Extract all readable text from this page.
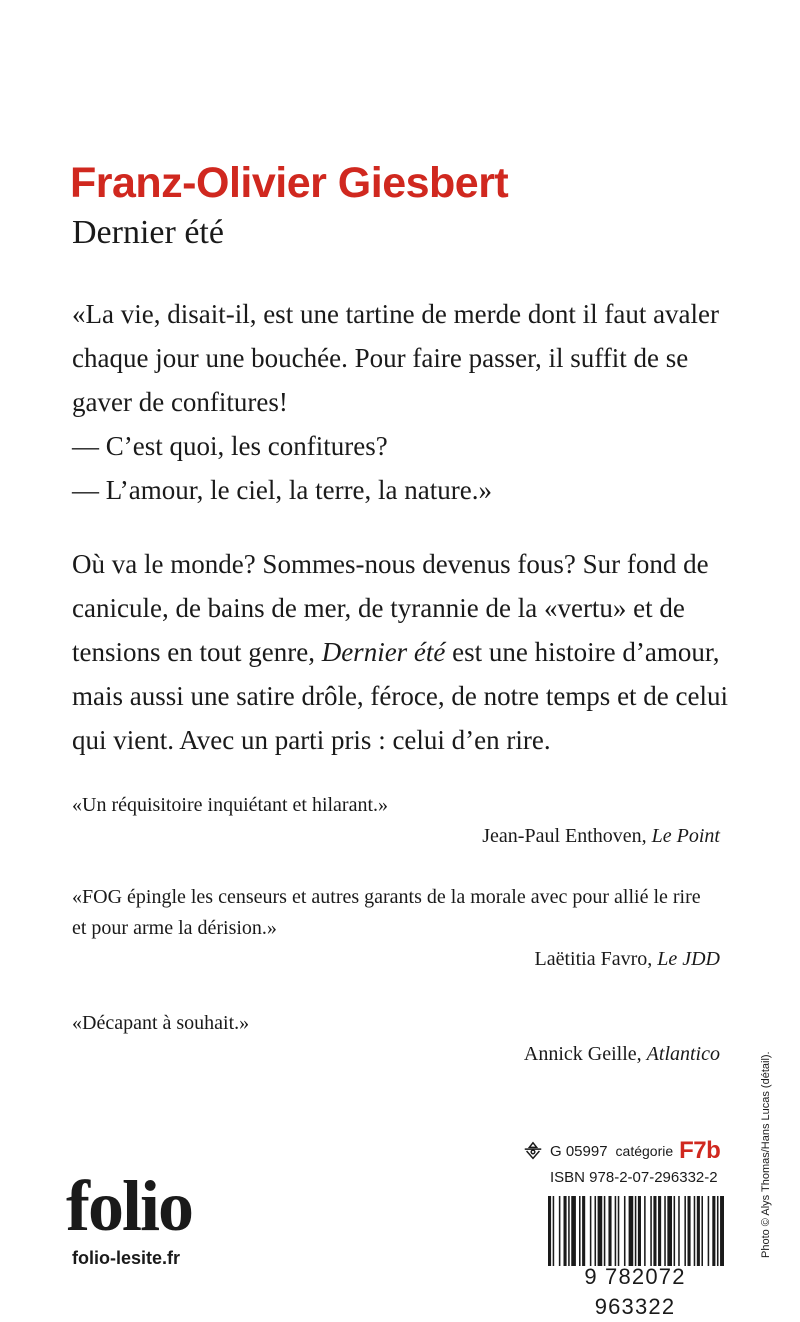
Franz-Olivier Giesbert
Dernier été

«La vie, disait-il, est une tartine de merde dont il faut avaler chaque jour une bouchée. Pour faire passer, il suffit de se gaver de confitures!

— C’est quoi, les confitures?

— L’amour, le ciel, la terre, la nature.»

Où va le monde? Sommes-nous devenus fous? Sur fond de canicule, de bains de mer, de tyrannie de la «vertu» et de tensions en tout genre, Dernier été est une histoire d’amour, mais aussi une satire drôle, féroce, de notre temps et de celui qui vient. Avec un parti pris : celui d’en rire.

«Un réquisitoire inquiétant et hilarant.»

Jean-Paul Enthoven, Le Point

«FOG épingle les censeurs et autres garants de la morale avec pour allié le rire et pour arme la dérision.»

Laëtitia Favro, Le JDD

«Décapant à souhait.»

Annick Geille, Atlantico

G 05997 catégorie F7b
ISBN 978-2-07-296332-2
9 782072 963322
folio
folio-lesite.fr	Photo © Alys Thomas/Hans Lucas (détail).
